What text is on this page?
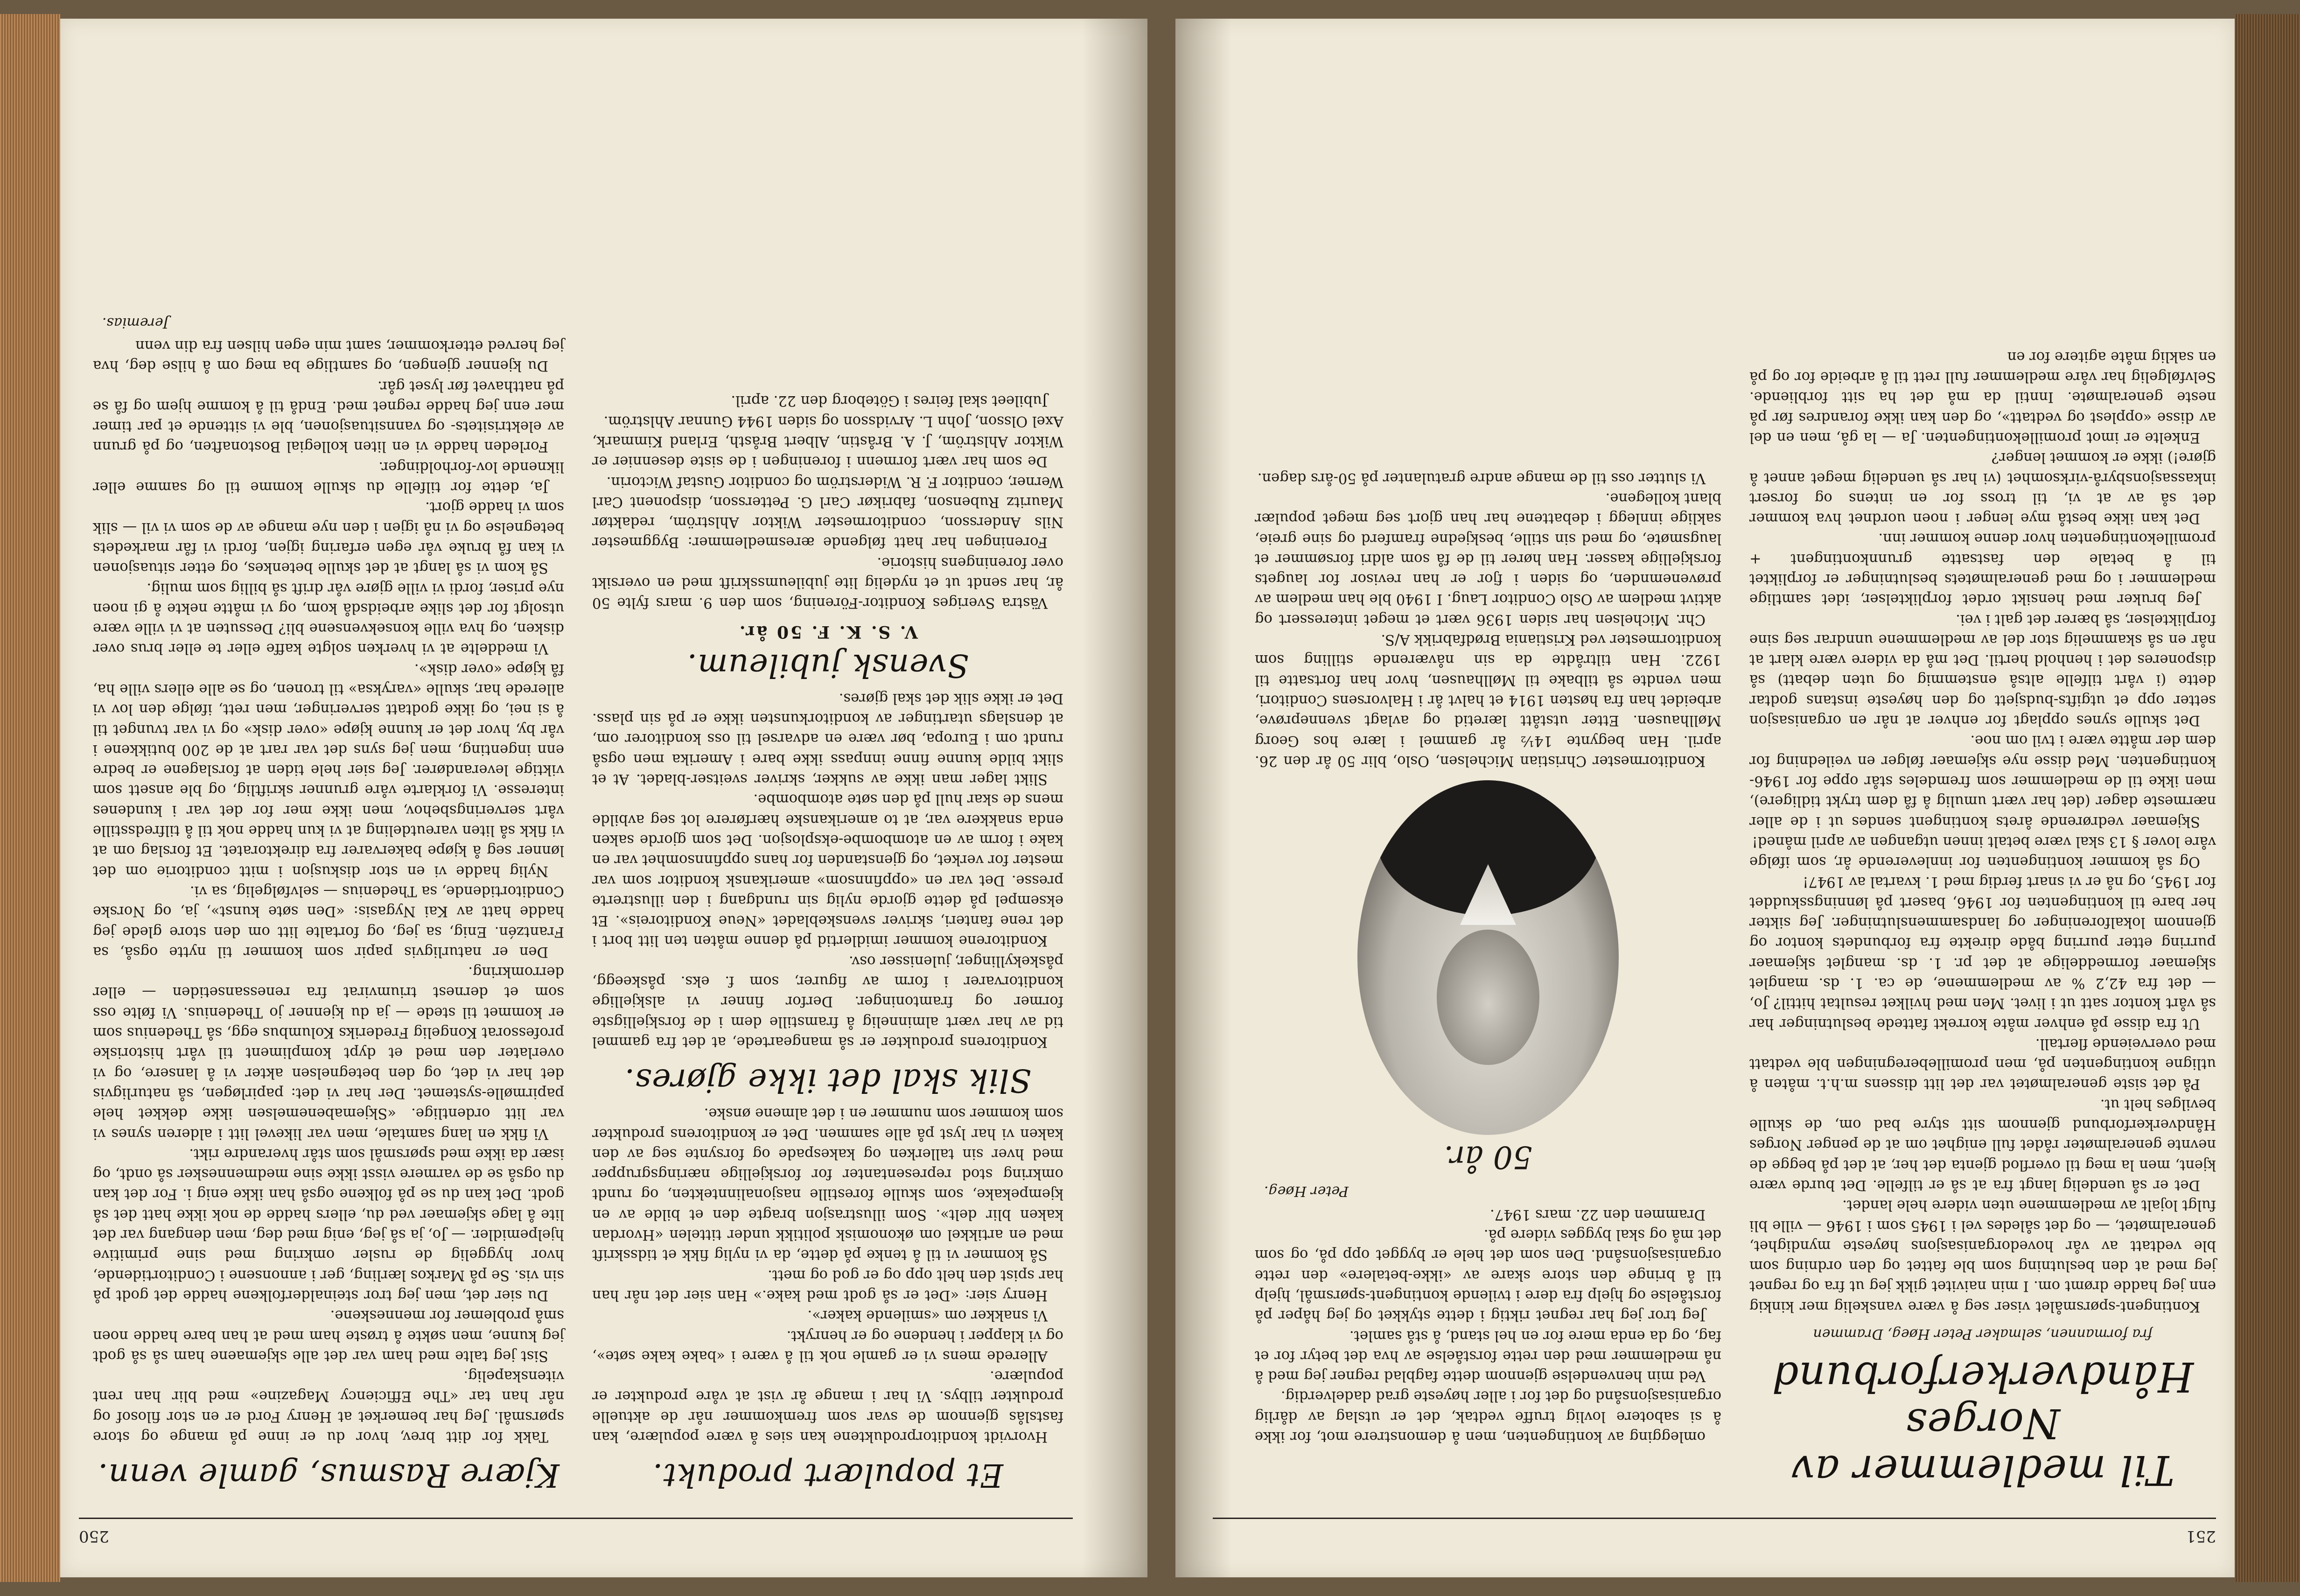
251
Til medlemmer av Norges Håndverkerforbund
fra formannen, selmaker Peter Høeg, Drammen

Kontingent-spørsmålet viser seg å være vanskelig mer kinkig enn jeg hadde drømt om. I min naivitet gikk jeg ut fra og regnet jeg med at den beslutning som ble fattet og den ordning som ble vedtatt av vår hovedorganisasjons høyeste myndighet, generalmøtet, — og det således vel i 1945 som i 1946 — ville bli fulgt lojalt av medlemmene uten videre hele landet.

Det er så uendelig langt fra at så er tilfelle. Det burde være kjent, men la meg til overflod gjenta det her, at det på begge de nevnte generalmøter rådet full enighet om at de penger Norges Håndverkerforbund gjennom sitt styre bad om, de skulle bevilges helt ut.

På det siste generalmøtet var det litt dissens m.h.t. måten å utligne kontingenten på, men promilleberegningen ble vedtatt med overveiende flertall.

Ut fra disse på enhver måte korrekt fattede beslutninger har så vårt kontor satt ut i livet. Men med hvilket resultat hittil? Jo, — det fra 42,2 % av medlemmene, de ca. 1. ds. manglet skjemaer formeddelige at det pr. 1. ds. manglet skjemaer purring etter purring både direkte fra forbundets kontor og gjennom lokalforeninger og landsammenslutninger. Jeg sikter her bare til kontingenten for 1946, basert på lønningsskuddet for 1945, og nå er vi snart ferdig med 1. kvartal av 1947!

Og så kommer kontingenten for innleverende år, som ifølge våre lover § 13 skal være betalt innen utgangen av april måned!

Skjemaer vedrørende årets kontingent sendes ut i de aller nærmeste dager (det har vært umulig å få dem trykt tidligere), men ikke til de medlemmer som fremdeles står oppe for 1946-kontingenten. Med disse nye skjemaer følger en veiledning for dem der måtte være i tvil om noe.

Det skulle synes opplagt for enhver at når en organisasjon setter opp et utgifts-budsjett og den høyeste instans godtar dette (i vårt tilfelle altså enstemmig og uten debatt) så disponeres det i henhold hertil. Det må da videre være klart at når en så skammelig stor del av medlemmene unndrar seg sine forpliktelser, så bærer det galt i vei.

Jeg bruker med hensikt ordet forpliktelser, idet samtlige medlemmer i og med generalmøtets beslutninger er forpliktet til å betale den fastsatte grunnkontingent + promillekontingenten hvor denne kommer inn.

Det kan ikke bestå mye lenger i noen uordnet hva kommer det så av at vi, til tross for en intens og forsert inkassasjonsbyrå-virksomhet (vi har så uendelig meget annet å gjøre!) ikke er kommet lenger?

Enkelte er imot promillekontingenten. Ja — la gå, men en del av disse «opplest og vedtatt», og den kan ikke forandres før på neste generalmøte. Inntil da må det ha sitt forbliende. Selvfølgelig har våre medlemmer full rett til å arbeide for og på en saklig måte agitere for en

omlegging av kontingenten, men å demonstrere mot, for ikke å si sabotere lovlig truffe vedtak, det er utslag av dårlig organisasjonsånd og det for i aller høyeste grad dadelverdig.

Ved min henvendelse gjennom dette fagblad regner jeg med å nå medlemmer med den rette forståelse av hva det betyr for et fag, og da enda mere for en hel stand, å stå samlet.

Jeg tror jeg har regnet riktig i dette stykket og jeg håper på forståelse og hjelp fra dere i tvilende kontingent-spørsmål, hjelp til å bringe den store skare av «ikke-betalere» den rette organisasjonsånd. Den som det hele er bygget opp på, og som det må og skal bygges videre på.

Drammen den 22. mars 1947.

Peter Høeg.
50 år.

Konditormester Christian Michelsen, Oslo, blir 50 år den 26. april. Han begynte 14½ år gammel i lære hos Georg Møllhausen. Etter utstått læretid og avlagt svenneprøve, arbeidet han fra høsten 1914 et halvt år i Halvorsens Conditori, men vendte så tilbake til Møllhausen, hvor han fortsatte til 1922. Han tiltrådte da sin nåværende stilling som konditormester ved Kristiania Brødfabrikk A/S.

Chr. Michelsen har siden 1936 vært et meget interessert og aktivt medlem av Oslo Conditor Laug. I 1940 ble han medlem av prøvenemnden, og siden i fjor er han revisor for laugets forskjellige kasser. Han hører til de få som aldri forsømmer et laugsmøte, og med sin stille, beskjedne framferd og sine greie, saklige innlegg i debattene har han gjort seg meget populær blant kollegene.

Vi slutter oss til de mange andre gratulanter på 50-års dagen.

250
Et populært produkt.

Hvorvidt konditorproduktene kan sies å være populære, kan fastslås gjennom de svar som fremkommer når de aktuelle produkter tilbys. Vi har i mange år vist at våre produkter er populære.

Allerede mens vi er gamle nok til å være i «bake kake søte», og vi klapper i hendene og er henrykt.

Vi snakker om «smilende kaker».

Henry sier: «Det er så godt med kake.» Han sier det når han har spist den helt opp og er god og mett.

Så kommer vi til å tenke på dette, da vi nylig fikk et tidsskrift med en artikkel om økonomisk politikk under tittelen «Hvordan kaken blir delt». Som illustrasjon bragte den et bilde av en kjempekake, som skulle forestille nasjonalinntekten, og rundt omkring stod representanter for forskjellige næringsgrupper med hver sin tallerken og kakespade og forsynte seg av den kaken vi har lyst på alle sammen. Det er konditorens produkter som kommer som nummer en i det almene ønske.

Slik skal det ikke gjøres.

Konditorens produkter er så mangeartede, at det fra gammel tid av har vært alminnelig å framstille dem i de forskjelligste former og framtoninger. Derfor finner vi alskjellige konditorvarer i form av figurer, som f. eks. påskeegg, påskekyllinger, julenisser osv.

Konditorene kommer imidlertid på denne måten ten litt bort i det rene fanteri, skriver svenskebladet «Neue Konditoreis». Et eksempel på dette gjorde nylig sin rundgang i den illustrerte presse. Det var en «oppfinnsom» amerikansk konditor som var mester for verket, og gjenstanden for hans oppfinnsomhet var en kake i form av en atombombe-eksplosjon. Det som gjorde saken enda snakkere var, at to amerikanske hærførere lot seg avbilde mens de skar hull på den søte atombombe.

Slikt lager man ikke av sukker, skriver sveitser-bladet. At et slikt bilde kunne finne innpass ikke bare i Amerika men også rundt om i Europa, bør være en advarsel til oss konditorer om, at denslags utartinger av konditorkunsten ikke er på sin plass. Det er ikke slik det skal gjøres.

Svensk jubileum.
V. S. K. F. 50 år.

Västra Sveriges Konditor-Förening, som den 9. mars fylte 50 år, har sendt ut et nydelig lite jubileumsskrift med en oversikt over foreningens historie.

Foreningen har hatt følgende æresmedlemmer: Byggmester Nils Andersson, conditormester Wiktor Ahlström, redaktør Mauritz Rubenson, fabrikør Carl G. Pettersson, disponent Carl Werner, conditor F. R. Widerström og conditor Gustaf Wictorin.

De som har vært formenn i foreningen i de siste desennier er Wiktor Ahlström, J. A. Bråstin, Albert Bråsth, Erland Kimmark, Axel Olsson, John L. Arvidsson og siden 1944 Gunnar Ahlström.

Jubileet skal feires i Göteborg den 22. april.

Kjære Rasmus, gamle venn.

Takk for ditt brev, hvor du er inne på mange og store spørsmål. Jeg har bemerket at Henry Ford er en stor filosof og når han tar «The Efficiency Magazine» med blir han rent vitenskapelig.

Sist jeg talte med ham var det alle skjemaene ham så så godt jeg kunne, men søkte å trøste ham med at han bare hadde noen små problemer for menneskene.

Du sier det, men jeg tror steinalderfolkene hadde det godt på sin vis. Se på Markos lærling, ger i annonsene i Conditortidende, hvor hyggelig de rusler omkring med sine primitive hjelpemidler. — Jo, ja så jeg, enig med deg, men dengang var det lite å lage skjemaer ved du, ellers hadde de nok ikke hatt det så godt. Det kan du se på folkene også han ikke enig i. For det kan du også se de varmere visst ikke sine medmennesker så ondt, og især da ikke med spørsmål som står hverandre rikt.

Vi fikk en lang samtale, men var likevel litt i alderen synes vi var litt ordentlige. «Skjemabenemelsen ikke dekket hele papirmølle-systemet. Der har vi det: papirløgen, så naturligvis det har vi det, og den betegnelsen akter vi å lansere, og vi overlater den med et dypt kompliment til vårt historiske professorat Kongelig Frederiks Kolumbus egg, så Thedenius som er kommet til stede — ja du kjenner jo Thedenius. Vi følte oss som et dernest triumvirat fra renessansetiden — eller derromkring.

Den er naturligvis papir som kommer til nytte også, sa Frantzén. Enig, sa jeg, og fortalte litt om den store glede jeg hadde hatt av Kai Nygasis: «Den søte kunst», ja, og Norske Conditortidende, sa Thedenius — selvfølgelig, sa vi.

Nylig hadde vi en stor diskusjon i mitt conditorie om det lønner seg å kjøpe bakervarer fra direktoratet. Et forslag om at vi fikk så liten vareutdeling at vi kun hadde nok til å tilfredsstille vårt serveringsbehov, men ikke mer for det var i kundenes interesse. Vi forklarte våre grunner skriftlig, og ble ansett som viktige leverandører. Jeg sier hele tiden at forslagene er bedre enn ingenting, men jeg syns det var rart at de 200 butikkene i vår by, hvor det er kunne kjøpe «over disk» og vi var tvunget til å si nei, og ikke godtatt serveringer, men rett, ifølge den lov vi allerede har, skulle «varyksa» til tronen, og se alle ellers ville ha, få kjøpe «over disk».

Vi meddelte at vi hverken solgte kaffe eller te eller brus over disken, og hva ville konsekvensene bli? Dessuten at vi ville være utsolgt for det slike arbeidsdå kom, og vi måtte nekte å gi noen nye priser, fordi vi ville gjøre vår drift så billig som mulig.

Så kom vi så langt at det skulle betenkes, og etter situasjonen vi kan få bruke vår egen erfaring igjen, fordi vi får markedets betegnelse og vi nå igjen i den nye mange av de som vi vil — slik som vi hadde gjort.

Ja, dette for tilfelle du skulle komme til og samme eller liknende lov-forholdinger.

Forleden hadde vi en liten kollegial Bostonaften, og på grunn av elektrisitets- og vannsituasjonen, ble vi sittende et par timer mer enn jeg hadde regnet med. Endå til å komme hjem og få se på natthavet før lyset går.

Du kjenner gjengen, og samtlige ba meg om å hilse deg, hva jeg herved etterkommer, samt min egen hilsen fra din venn

Jeremias.
